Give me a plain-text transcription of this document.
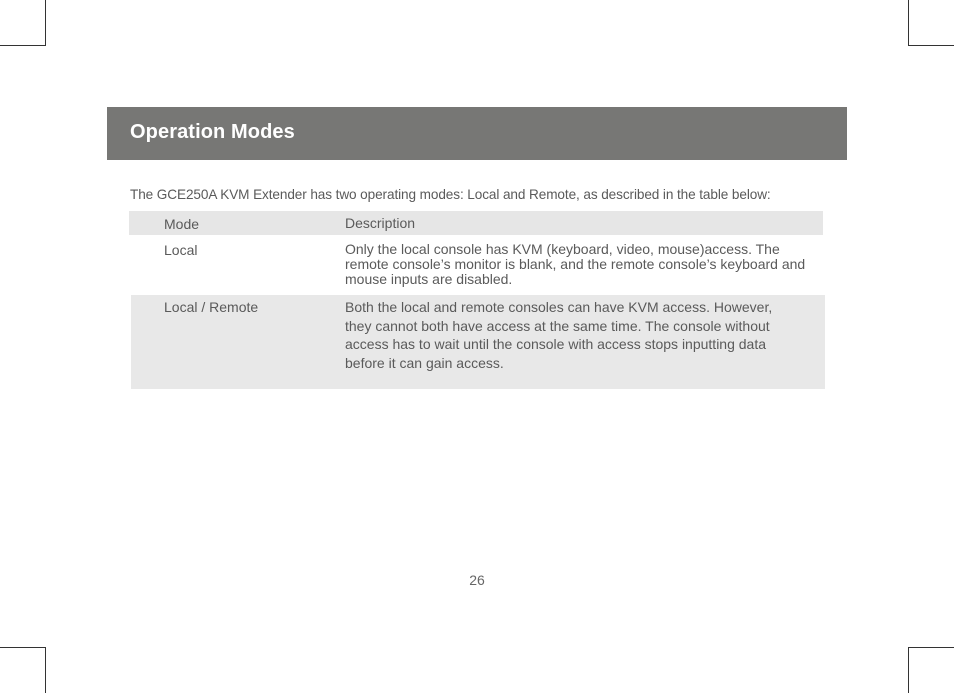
Operation Modes
The GCE250A KVM Extender has two operating modes: Local and Remote, as described in the table below:
Mode	Description
Local	Only the local console has KVM (keyboard, video, mouse)access. The remote console’s monitor is blank, and the remote console’s keyboard and mouse inputs are disabled.
Local / Remote	Both the local and remote consoles can have KVM access. However, they cannot both have access at the same time. The console without access has to wait until the console with access stops inputting data before it can gain access.
26
